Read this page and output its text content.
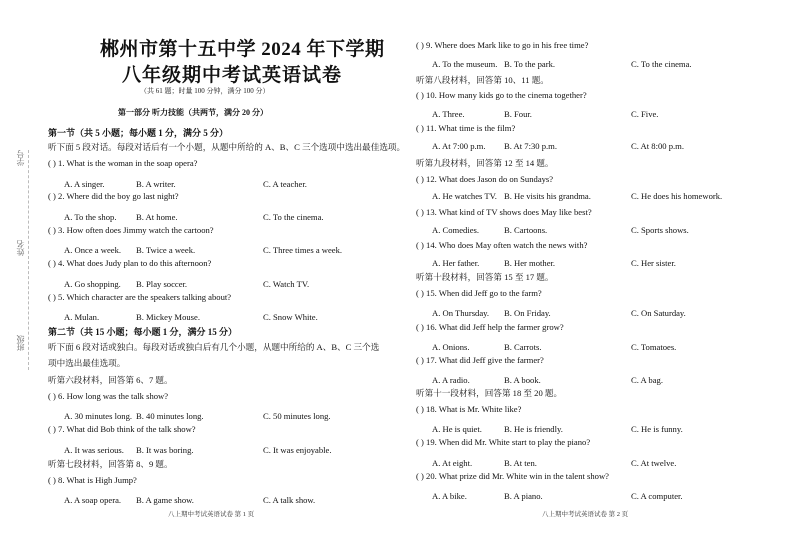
学号
姓名
班级
郴州市第十五中学 2024 年下学期
八年级期中考试英语试卷
（共 61 题；时量 100 分钟，满分 100 分）
第一部分 听力技能（共两节，满分 20 分）
第一节（共 5 小题；每小题 1 分，满分 5 分）
听下面 5 段对话。每段对话后有一个小题，从题中所给的 A、B、C 三个选项中选出最佳选项。
第二节（共 15 小题；每小题 1 分，满分 15 分）
听下面 6 段对话或独白。每段对话或独白后有几个小题，从题中所给的 A、B、C 三个选
项中选出最佳选项。
听第六段材料，回答第 6、7 题。
听第七段材料，回答第 8、9 题。
听第八段材料，回答第 10、11 题。
听第九段材料，回答第 12 至 14 题。
听第十段材料，回答第 15 至 17 题。
听第十一段材料，回答第 18 至 20 题。
八上期中考试英语试卷 第 1 页	八上期中考试英语试卷 第 2 页
( ) 1. What is the woman in the soap opera?
A. A singer.	B. A writer.	C. A teacher.
( ) 2. Where did the boy go last night?
A. To the shop. B. At home.	C. To the cinema.
( ) 3. How often does Jimmy watch the cartoon?
A. Once a week. B. Twice a week.	C. Three times a week.
( ) 4. What does Judy plan to do this afternoon?
A. Go shopping. B. Play soccer.	C. Watch TV.
( ) 5. Which character are the speakers talking about?
A. Mulan.	B. Mickey Mouse.	C. Snow White.
( ) 6. How long was the talk show?
A. 30 minutes long. B. 40 minutes long.	C. 50 minutes long.
( ) 7. What did Bob think of the talk show?
A. It was serious. B. It was boring.	C. It was enjoyable.
( ) 8. What is High Jump?
A. A soap opera. B. A game show.	C. A talk show.
( ) 9. Where does Mark like to go in his free time?
A. To the museum. B. To the park.	C. To the cinema.
( ) 10. How many kids go to the cinema together?
A. Three.	B. Four.	C. Five.
( ) 11. What time is the film?
A. At 7:00 p.m. B. At 7:30 p.m.	C. At 8:00 p.m.
( ) 12. What does Jason do on Sundays?
A. He watches TV. B. He visits his grandma.	C. He does his homework.
( ) 13. What kind of TV shows does May like best?
A. Comedies.	B. Cartoons.	C. Sports shows.
( ) 14. Who does May often watch the news with?
A. Her father.	B. Her mother.	C. Her sister.
( ) 15. When did Jeff go to the farm?
A. On Thursday. B. On Friday.	C. On Saturday.
( ) 16. What did Jeff help the farmer grow?
A. Onions.	B. Carrots.	C. Tomatoes.
( ) 17. What did Jeff give the farmer?
A. A radio.	B. A book.	C. A bag.
( ) 18. What is Mr. White like?
A. He is quiet.	B. He is friendly.	C. He is funny.
( ) 19. When did Mr. White start to play the piano?
A. At eight.	B. At ten.	C. At twelve.
( ) 20. What prize did Mr. White win in the talent show?
A. A bike.	B. A piano.	C. A computer.
